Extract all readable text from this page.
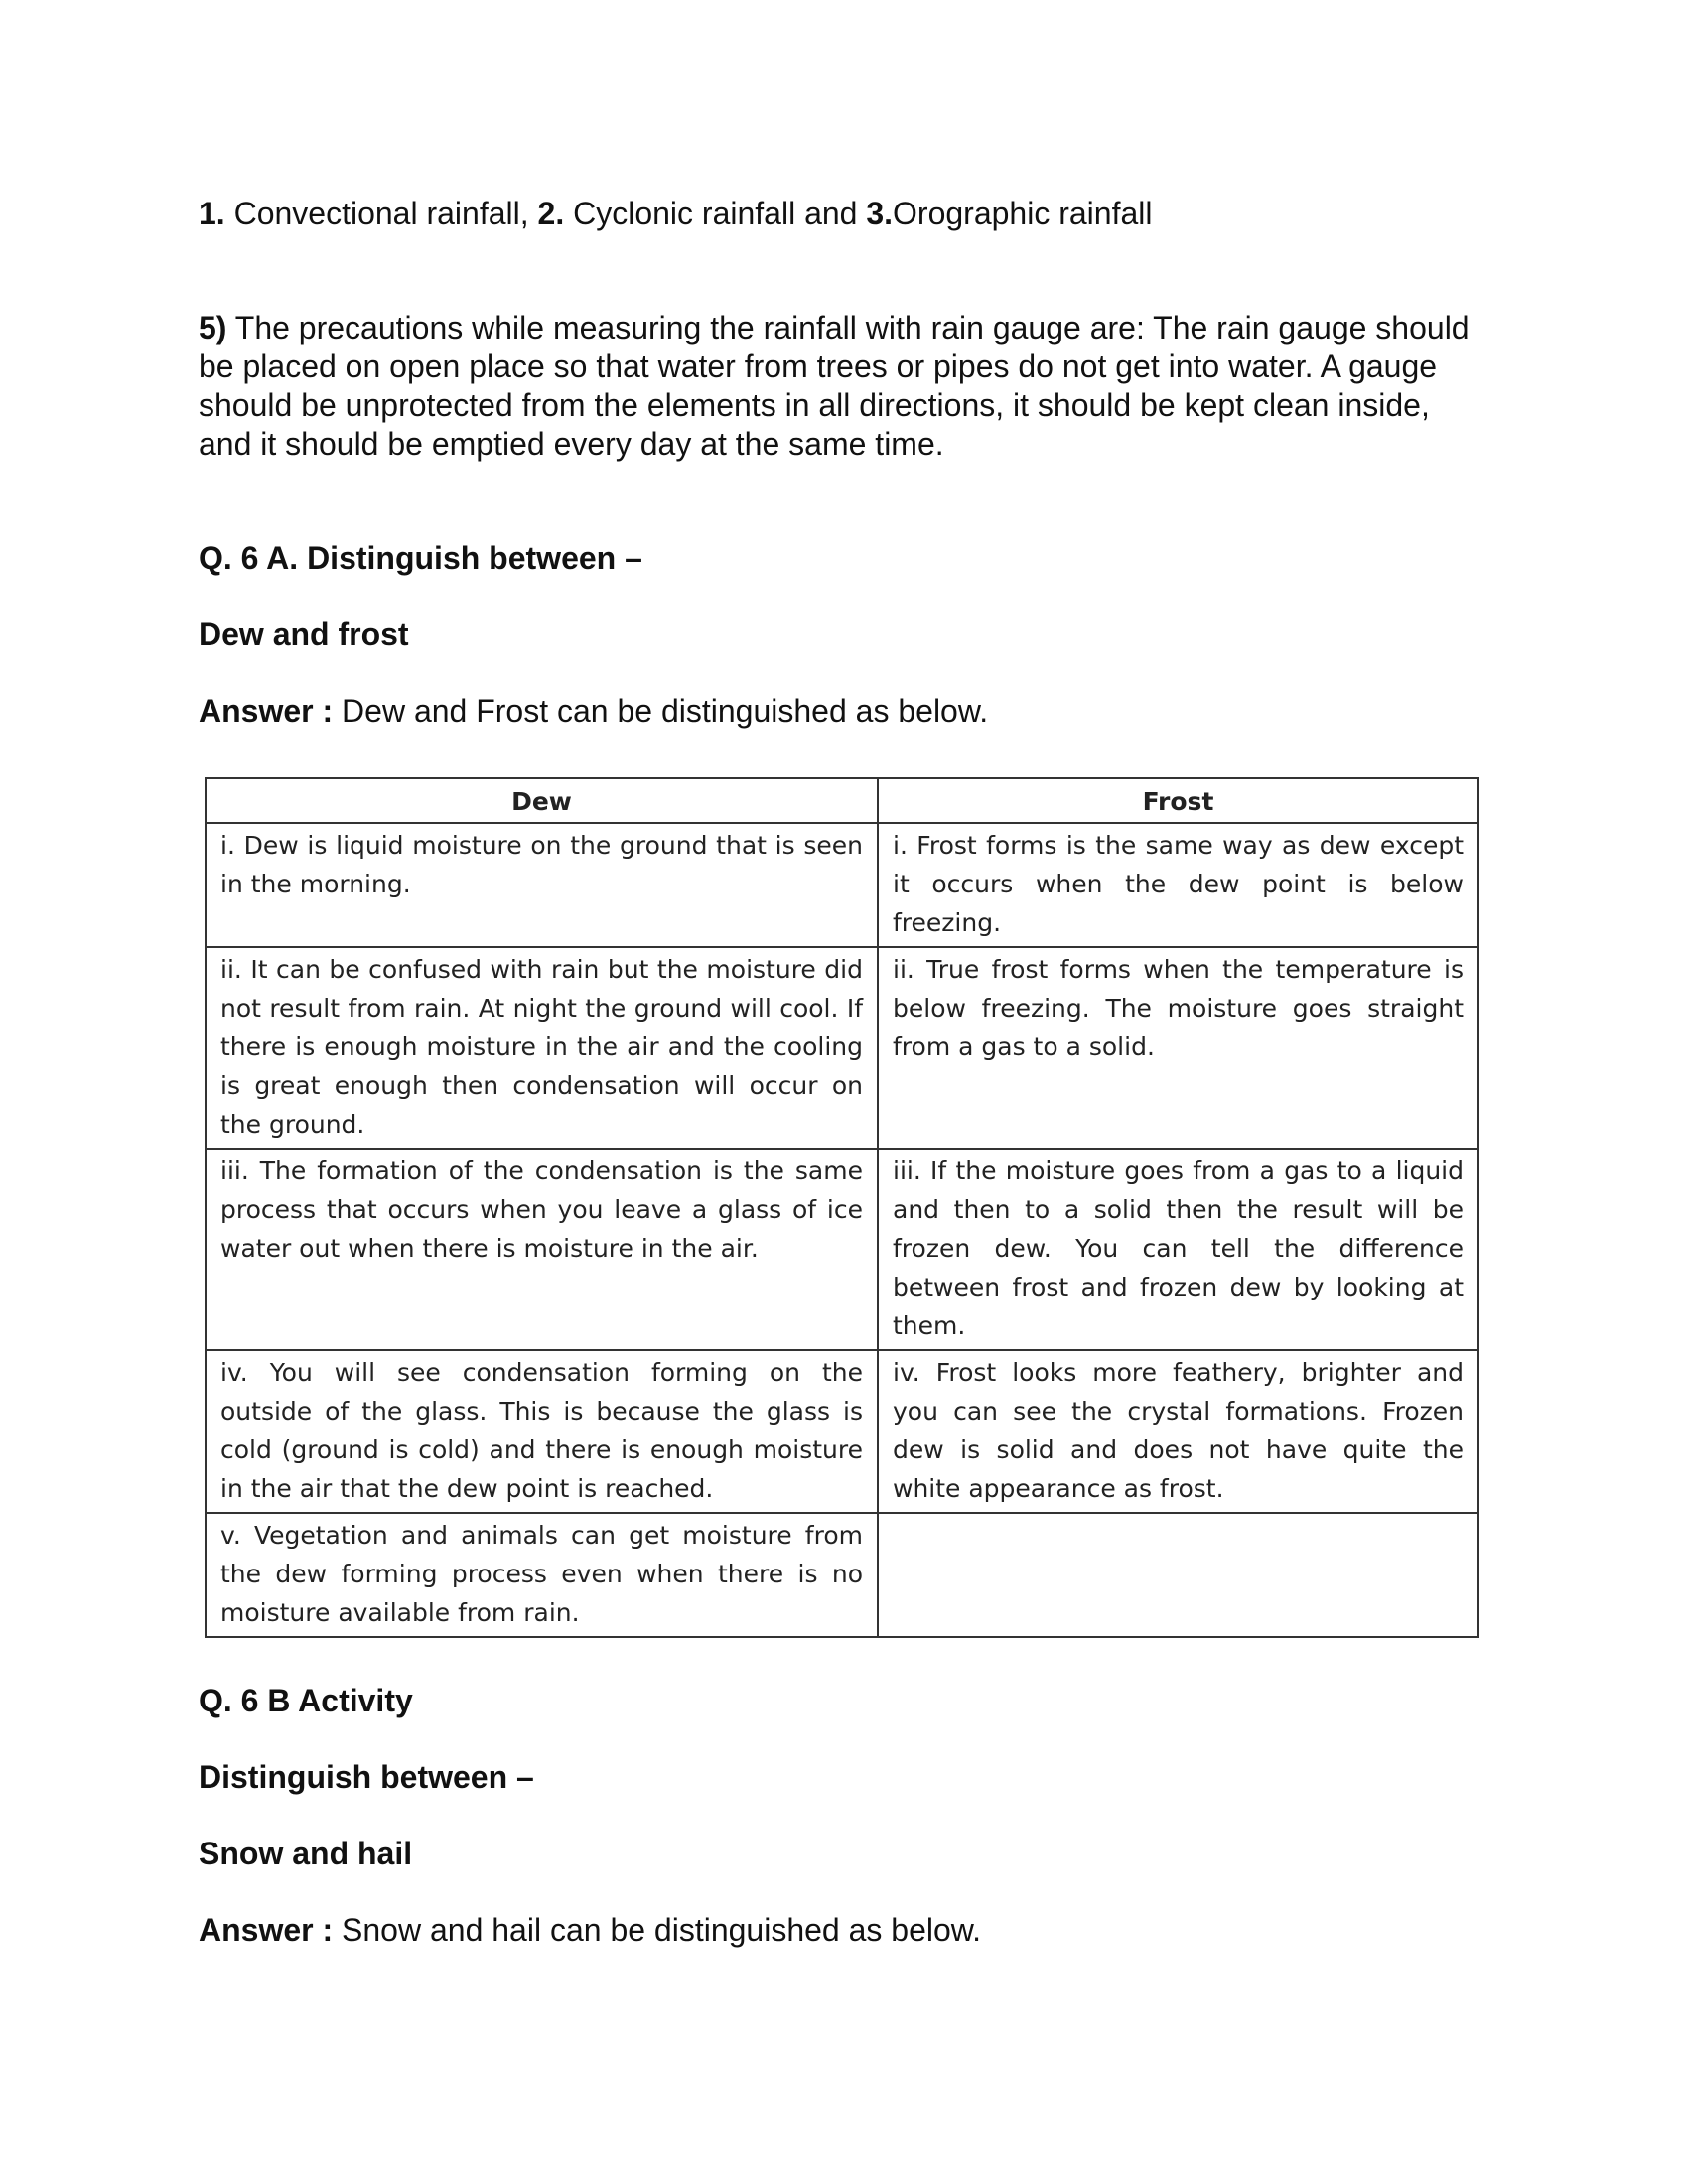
1. Convectional rainfall, 2. Cyclonic rainfall and 3.Orographic rainfall

5) The precautions while measuring the rainfall with rain gauge are: The rain gauge should be placed on open place so that water from trees or pipes do not get into water. A gauge should be unprotected from the elements in all directions, it should be kept clean inside, and it should be emptied every day at the same time.

Q. 6 A. Distinguish between –

Dew and frost

Answer : Dew and Frost can be distinguished as below.

Dew	Frost
i. Dew is liquid moisture on the ground that is seen in the morning.	i. Frost forms is the same way as dew except it occurs when the dew point is below freezing.
ii. It can be confused with rain but the moisture did not result from rain. At night the ground will cool. If there is enough moisture in the air and the cooling is great enough then condensation will occur on the ground.	ii. True frost forms when the temperature is below freezing. The moisture goes straight from a gas to a solid.
iii. The formation of the condensation is the same process that occurs when you leave a glass of ice water out when there is moisture in the air.	iii. If the moisture goes from a gas to a liquid and then to a solid then the result will be frozen dew. You can tell the difference between frost and frozen dew by looking at them.
iv. You will see condensation forming on the outside of the glass. This is because the glass is cold (ground is cold) and there is enough moisture in the air that the dew point is reached.	iv. Frost looks more feathery, brighter and you can see the crystal formations. Frozen dew is solid and does not have quite the white appearance as frost.
v. Vegetation and animals can get moisture from the dew forming process even when there is no moisture available from rain.	

Q. 6 B Activity

Distinguish between –

Snow and hail

Answer : Snow and hail can be distinguished as below.
